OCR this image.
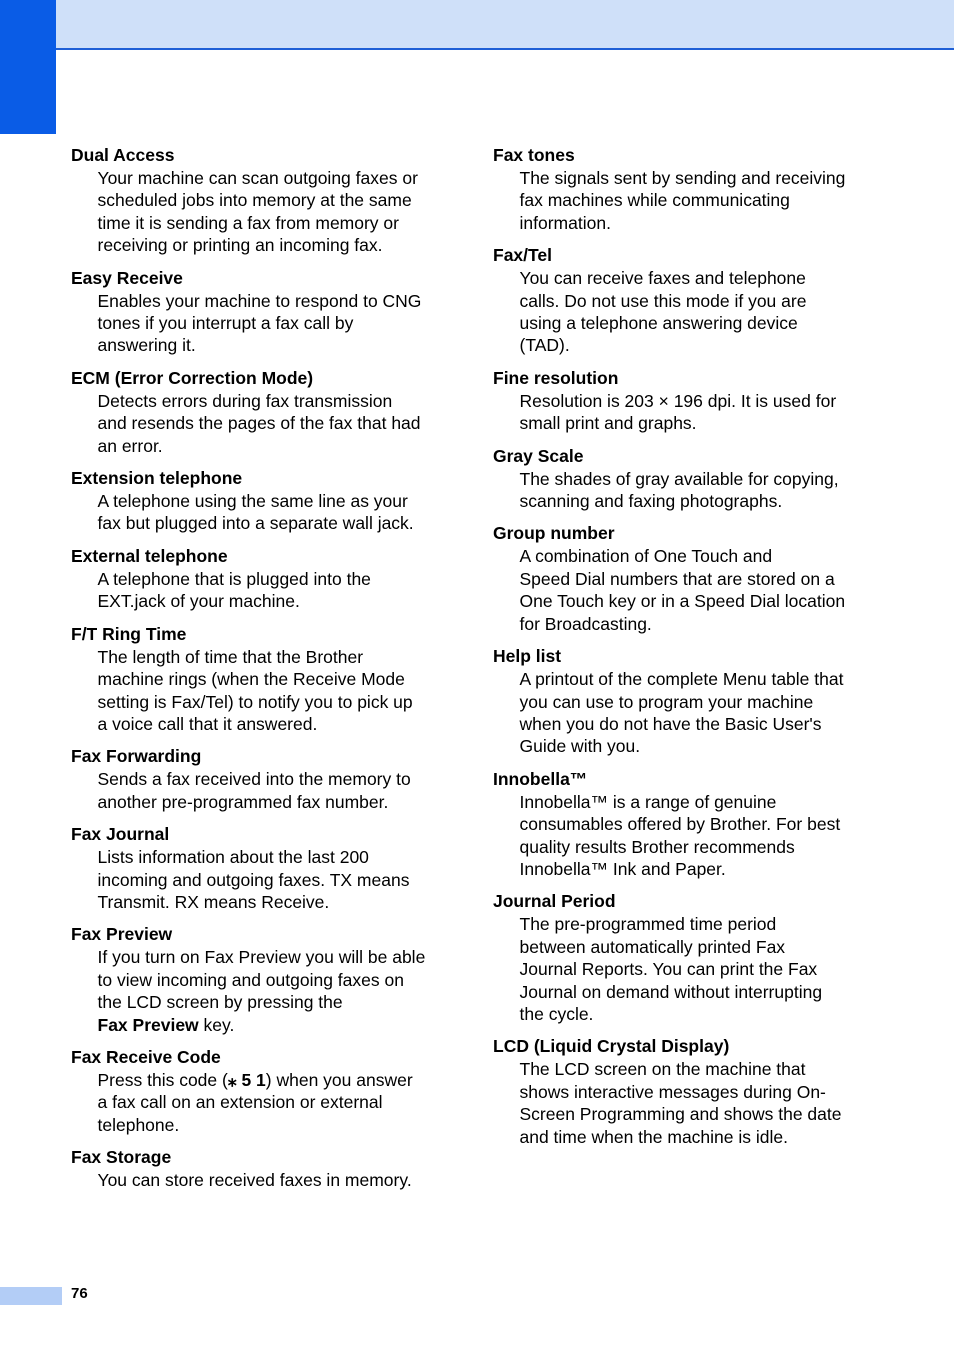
Dual Access
Your machine can scan outgoing faxes or
scheduled jobs into memory at the same
time it is sending a fax from memory or
receiving or printing an incoming fax.
Easy Receive
Enables your machine to respond to CNG
tones if you interrupt a fax call by
answering it.
ECM (Error Correction Mode)
Detects errors during fax transmission
and resends the pages of the fax that had
an error.
Extension telephone
A telephone using the same line as your
fax but plugged into a separate wall jack.
External telephone
A telephone that is plugged into the
EXT.jack of your machine.
F/T Ring Time
The length of time that the Brother
machine rings (when the Receive Mode
setting is Fax/Tel) to notify you to pick up
a voice call that it answered.
Fax Forwarding
Sends a fax received into the memory to
another pre-programmed fax number.
Fax Journal
Lists information about the last 200
incoming and outgoing faxes. TX means
Transmit. RX means Receive.
Fax Preview
If you turn on Fax Preview you will be able
to view incoming and outgoing faxes on
the LCD screen by pressing the
Fax Preview key.
Fax Receive Code
Press this code (⁎ 5 1) when you answer
a fax call on an extension or external
telephone.
Fax Storage
You can store received faxes in memory.
Fax tones
The signals sent by sending and receiving
fax machines while communicating
information.
Fax/Tel
You can receive faxes and telephone
calls. Do not use this mode if you are
using a telephone answering device
(TAD).
Fine resolution
Resolution is 203 × 196 dpi. It is used for
small print and graphs.
Gray Scale
The shades of gray available for copying,
scanning and faxing photographs.
Group number
A combination of One Touch and
Speed Dial numbers that are stored on a
One Touch key or in a Speed Dial location
for Broadcasting.
Help list
A printout of the complete Menu table that
you can use to program your machine
when you do not have the Basic User's
Guide with you.
Innobella™
Innobella™ is a range of genuine
consumables offered by Brother. For best
quality results Brother recommends
Innobella™ Ink and Paper.
Journal Period
The pre-programmed time period
between automatically printed Fax
Journal Reports. You can print the Fax
Journal on demand without interrupting
the cycle.
LCD (Liquid Crystal Display)
The LCD screen on the machine that
shows interactive messages during On-
Screen Programming and shows the date
and time when the machine is idle.
76
